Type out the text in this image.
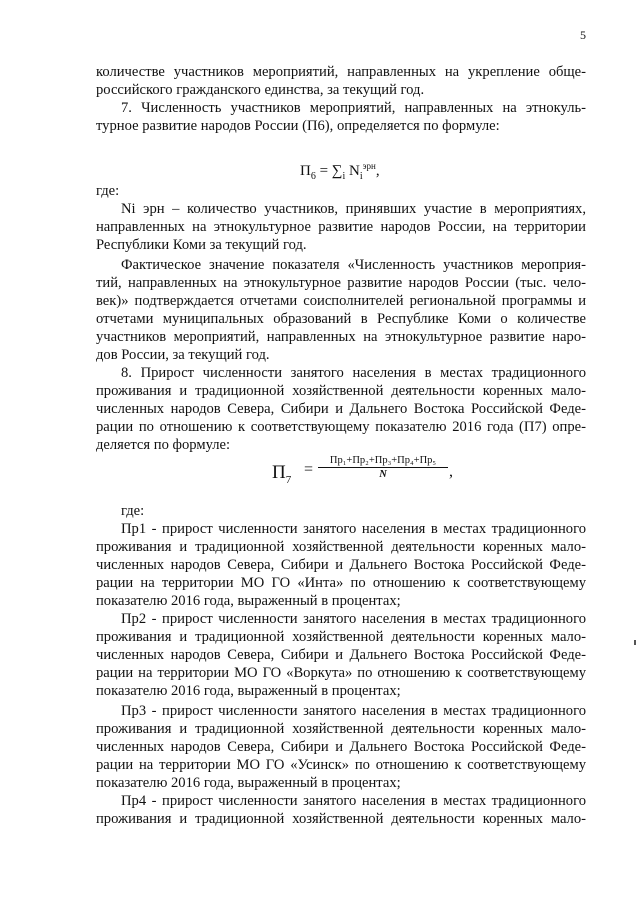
5
количестве участников мероприятий, направленных на укрепление обще-
российского гражданского единства, за текущий год.
7. Численность участников мероприятий, направленных на этнокуль-
турное развитие народов России (П6), определяется по формуле:
$П_6 = \sum_i$ $N_i^{эрн}$,
где:
Ni эрн – количество участников, принявших участие в мероприятиях,
направленных на этнокультурное развитие народов России, на территории
Республики Коми за текущий год.
Фактическое значение показателя «Численность участников мероприя-
тий, направленных на этнокультурное развитие народов России (тыс. чело-
век)» подтверждается отчетами соисполнителей региональной программы и
отчетами муниципальных образований в Республике Коми о количестве
участников мероприятий, направленных на этнокультурное развитие наро-
дов России, за текущий год.
8. Прирост численности занятого населения в местах традиционного
проживания и традиционной хозяйственной деятельности коренных мало-
численных народов Севера, Сибири и Дальнего Востока Российской Феде-
рации по отношению к соответствующему показателю 2016 года (П7) опре-
деляется по формуле:
$П_7$
=
Пр₁+Пр₂+Пр₃+Пр₄+Пр₅
N	,
где:
Пр1 - прирост численности занятого населения в местах традиционного
проживания и традиционной хозяйственной деятельности коренных мало-
численных народов Севера, Сибири и Дальнего Востока Российской Феде-
рации на территории МО ГО «Инта» по отношению к соответствующему
показателю 2016 года, выраженный в процентах;
Пр2 - прирост численности занятого населения в местах традиционного
проживания и традиционной хозяйственной деятельности коренных мало-
численных народов Севера, Сибири и Дальнего Востока Российской Феде-
рации на территории МО ГО «Воркута» по отношению к соответствующему
показателю 2016 года, выраженный в процентах;
Пр3 - прирост численности занятого населения в местах традиционного
проживания и традиционной хозяйственной деятельности коренных мало-
численных народов Севера, Сибири и Дальнего Востока Российской Феде-
рации на территории МО ГО «Усинск» по отношению к соответствующему
показателю 2016 года, выраженный в процентах;
Пр4 - прирост численности занятого населения в местах традиционного
проживания и традиционной хозяйственной деятельности коренных мало-
